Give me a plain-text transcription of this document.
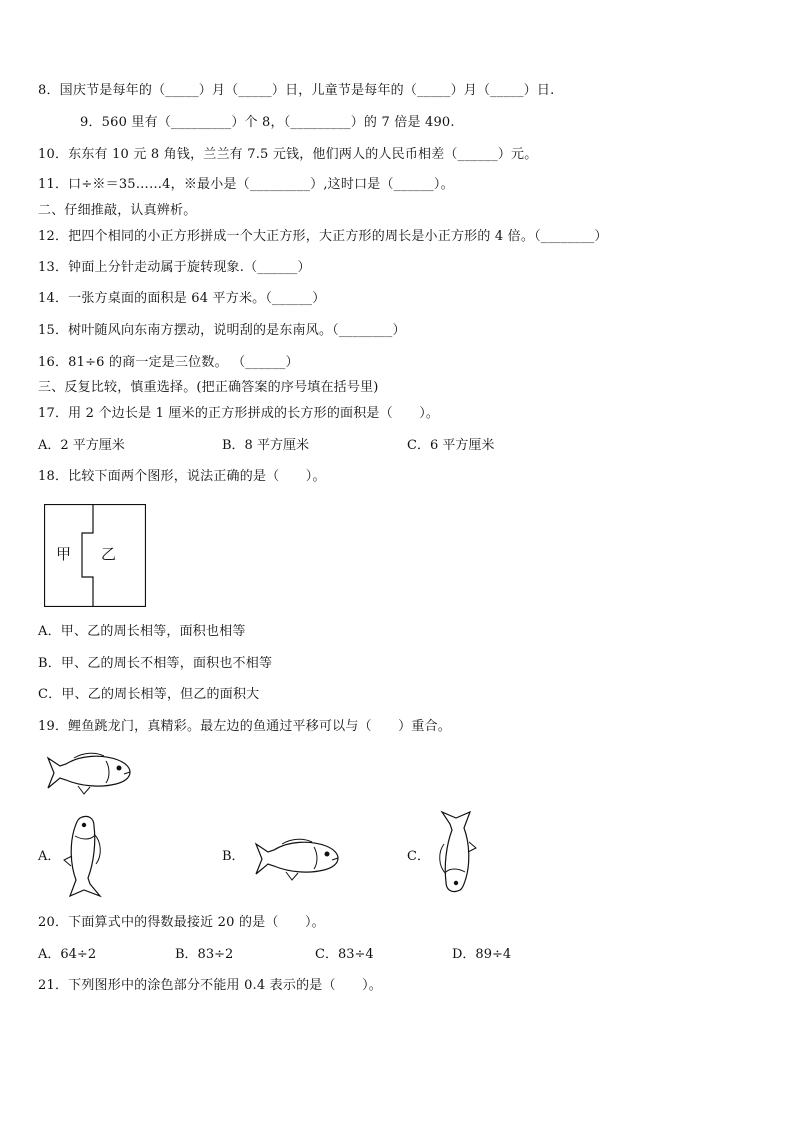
8．国庆节是每年的（_____）月（_____）日，儿童节是每年的（_____）月（_____）日.
9．560 里有（_________）个 8，（_________）的 7 倍是 490.
10．东东有 10 元 8 角钱，兰兰有 7.5 元钱，他们两人的人民币相差（______）元。
11．口÷※＝35……4，※最小是（_________）,这时口是（______）。
二、仔细推敲，认真辨析。
12．把四个相同的小正方形拼成一个大正方形，大正方形的周长是小正方形的 4 倍。（________）
13．钟面上分针走动属于旋转现象.（______）
14．一张方桌面的面积是 64 平方米。（______）
15．树叶随风向东南方摆动，说明刮的是东南风。（________）
16．81÷6 的商一定是三位数。 （______）
三、反复比较，慎重选择。(把正确答案的序号填在括号里)
17．用 2 个边长是 1 厘米的正方形拼成的长方形的面积是（　　）。
A．2 平方厘米	B．8 平方厘米	C．6 平方厘米
18．比较下面两个图形，说法正确的是（　　）。
甲 乙
A．甲、乙的周长相等，面积也相等
B．甲、乙的周长不相等，面积也不相等
C．甲、乙的周长相等，但乙的面积大
19．鲤鱼跳龙门，真精彩。最左边的鱼通过平移可以与（　　）重合。
A．	B．	C．
20．下面算式中的得数最接近 20 的是（　　）。
A．64÷2	B．83÷2	C．83÷4	D．89÷4
21．下列图形中的涂色部分不能用 0.4 表示的是（　　）。
